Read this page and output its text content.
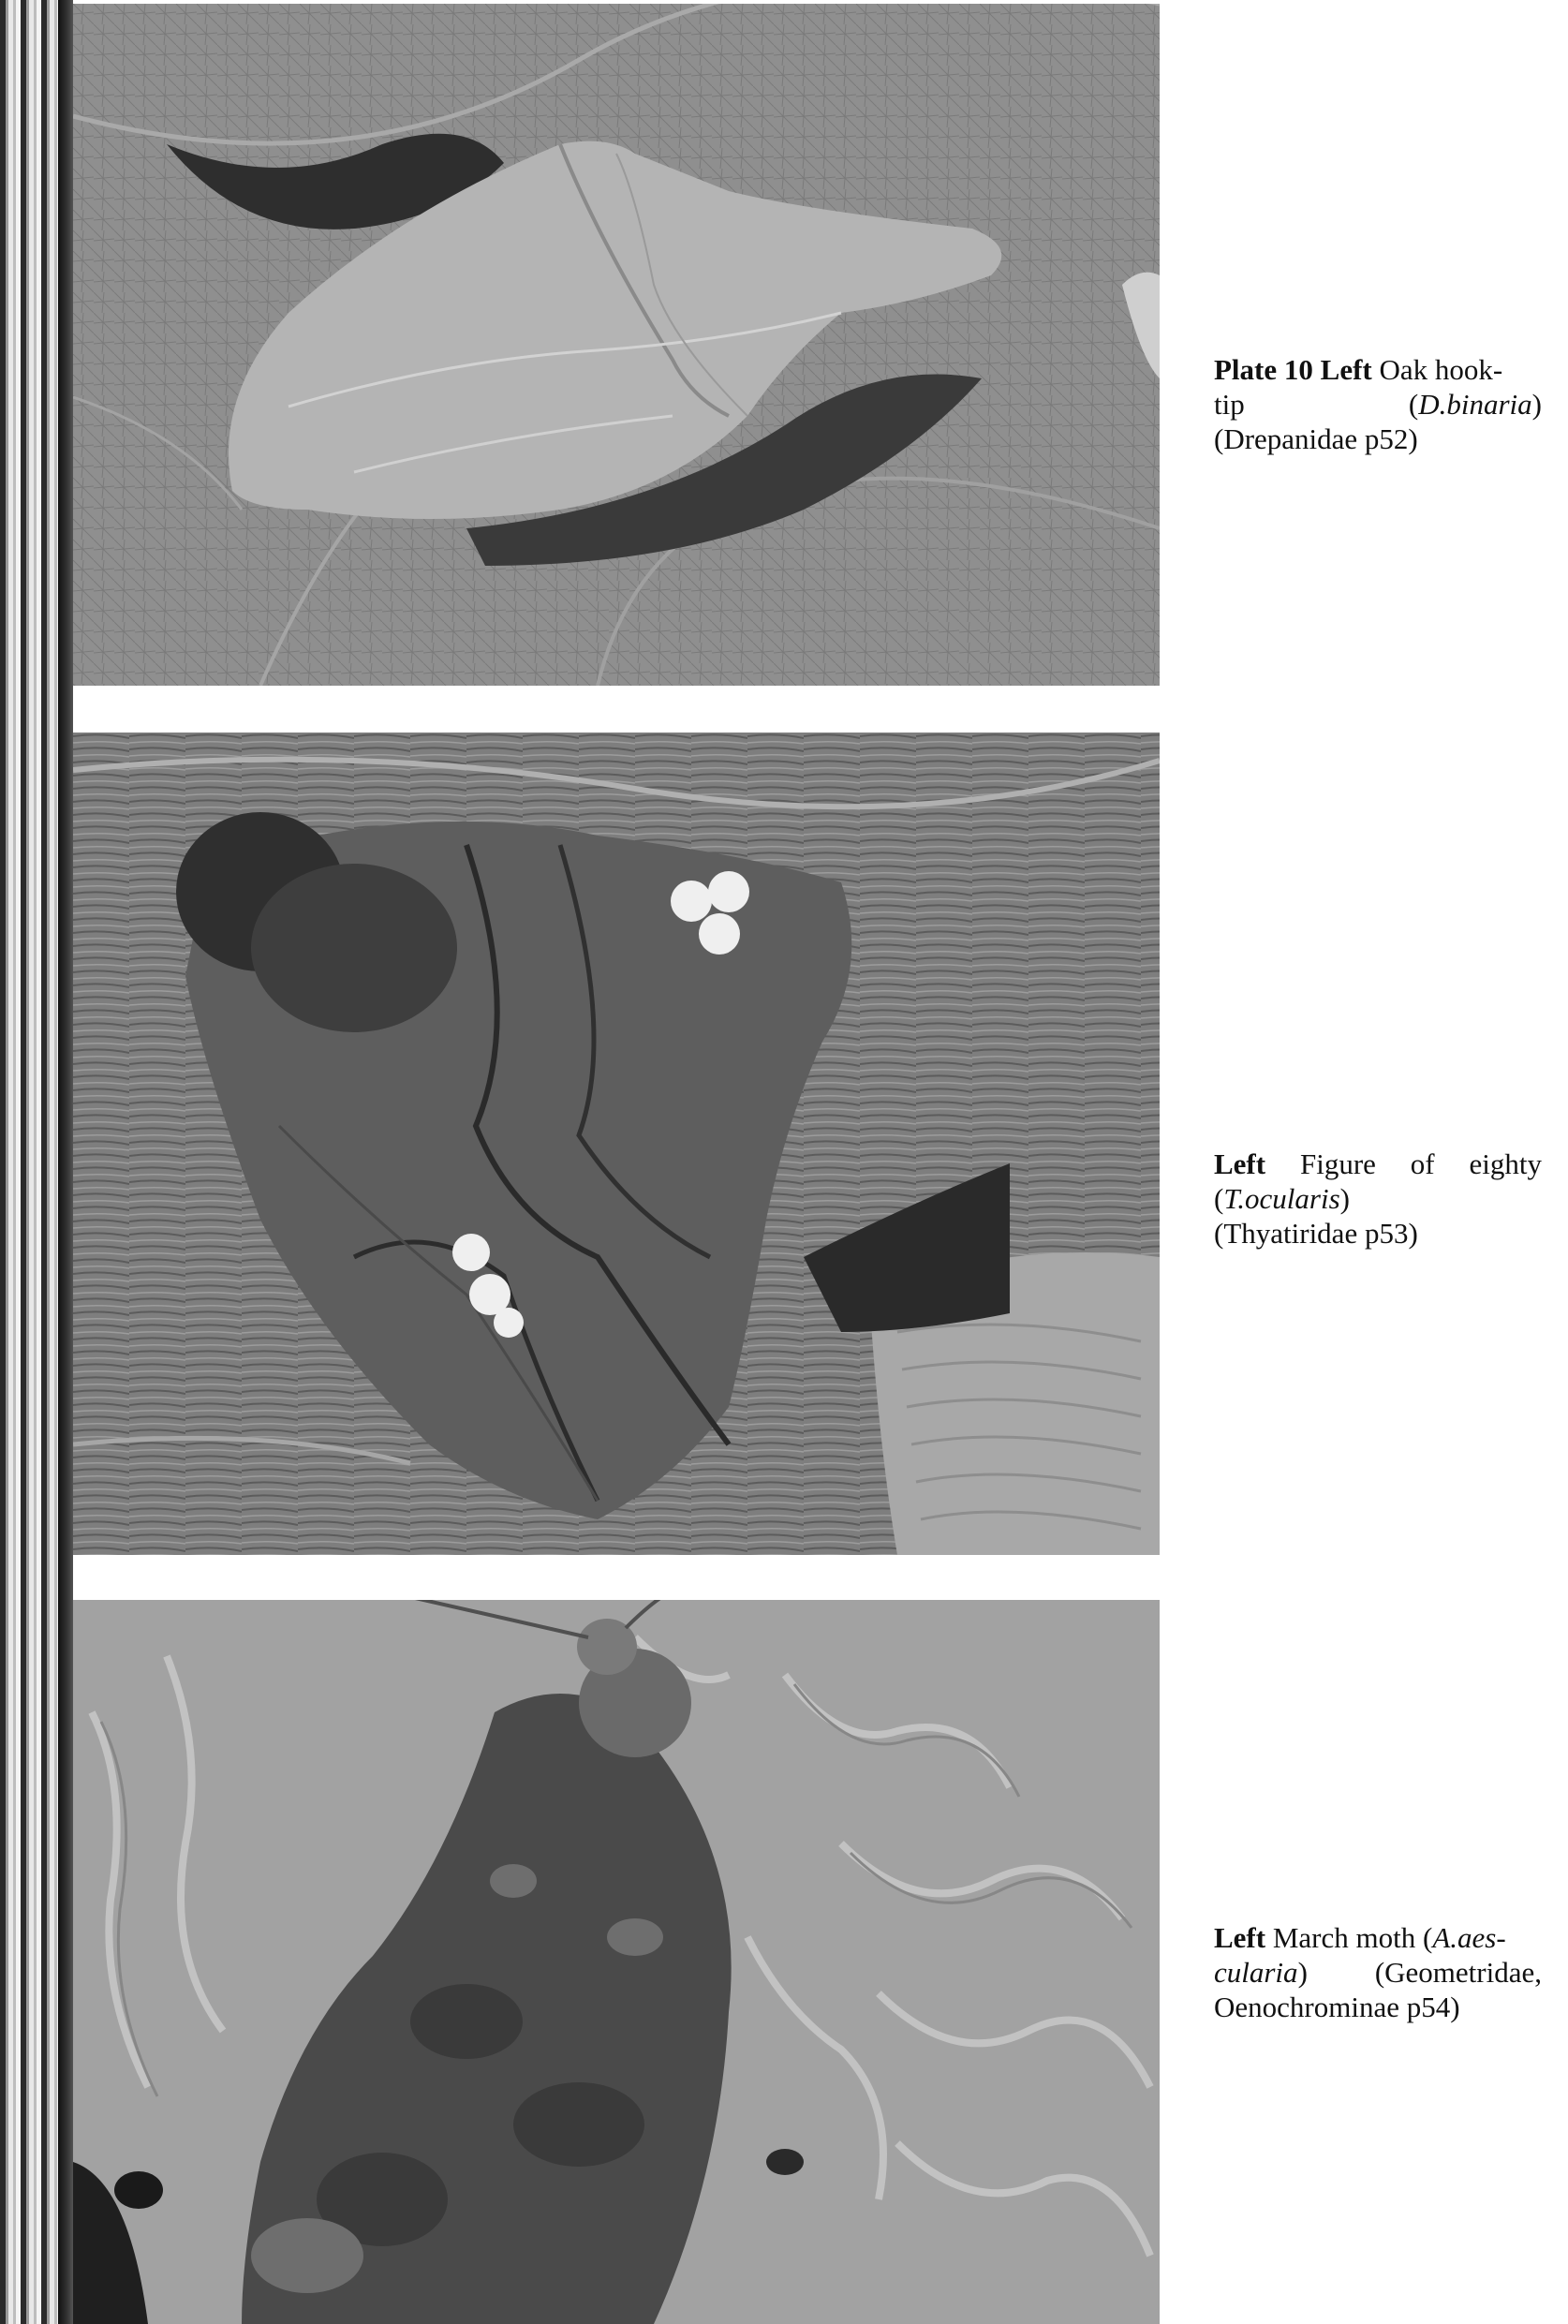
Plate 10 Left Oak hook-
tip	(D.binaria)
(Drepanidae p52)
Left Figure of eighty
(T.ocularis)
(Thyatiridae p53)
Left March moth (A.aes-
cularia) (Geometridae,
Oenochrominae p54)
